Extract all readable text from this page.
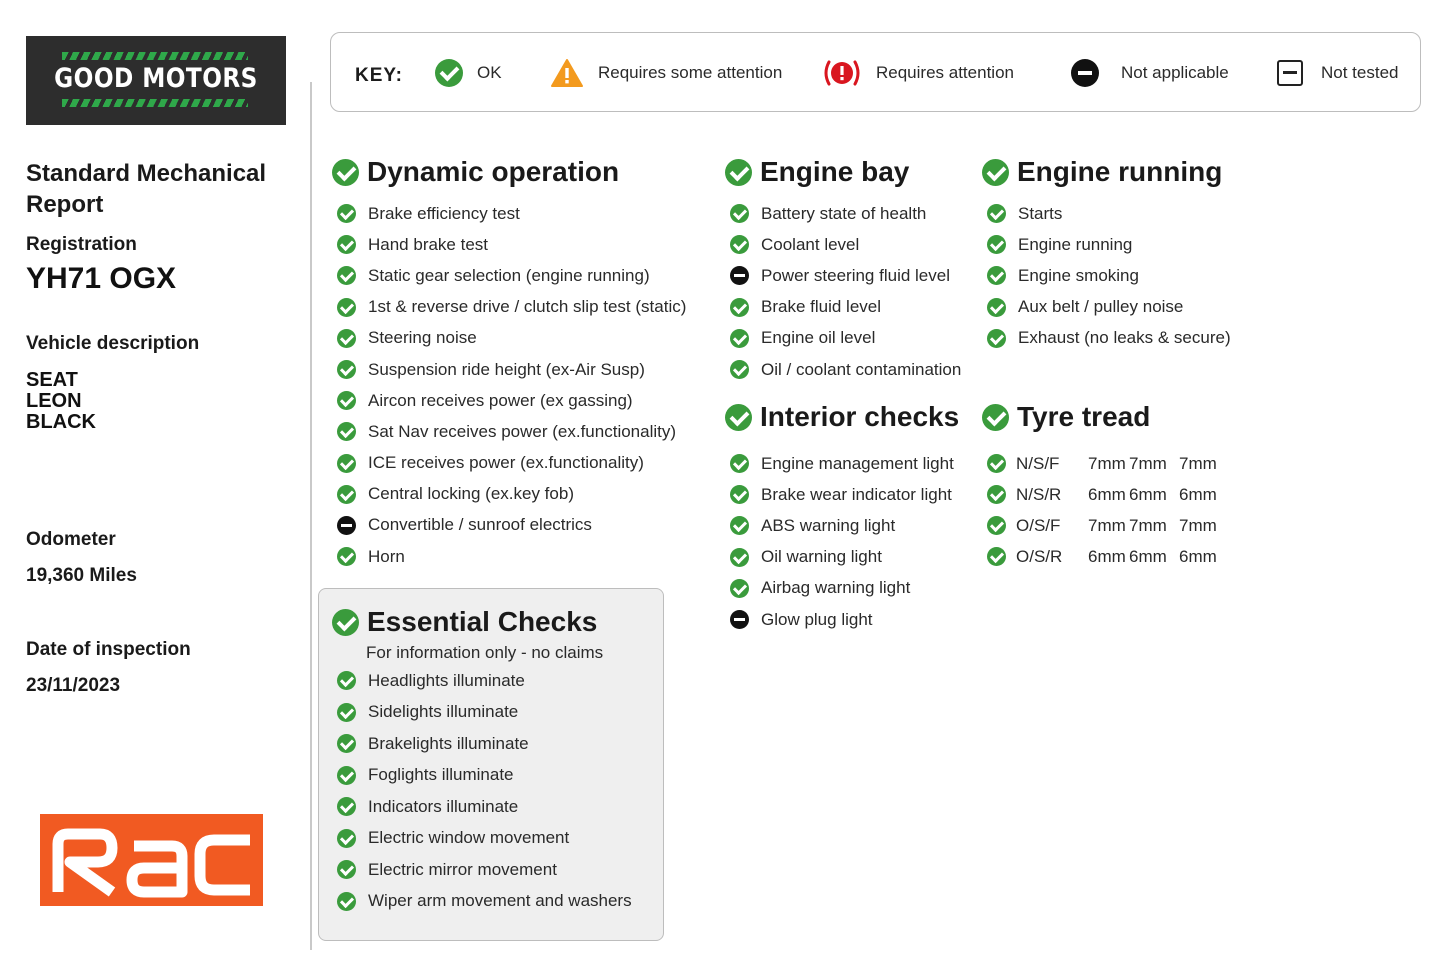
GOOD MOTORS
Standard Mechanical Report
Registration
YH71 OGX
Vehicle description
SEAT
LEON
BLACK
Odometer
19,360 Miles
Date of inspection
23/11/2023
KEY:	OK	Requires some attention	Requires attention	Not applicable	Not tested
Dynamic operation
Brake efficiency test
Hand brake test
Static gear selection (engine running)
1st & reverse drive / clutch slip test (static)
Steering noise
Suspension ride height (ex-Air Susp)
Aircon receives power (ex gassing)
Sat Nav receives power (ex.functionality)
ICE receives power (ex.functionality)
Central locking (ex.key fob)
Convertible / sunroof electrics
Horn
Essential Checks
For information only - no claims
Headlights illuminate
Sidelights illuminate
Brakelights illuminate
Foglights illuminate
Indicators illuminate
Electric window movement
Electric mirror movement
Wiper arm movement and washers
Engine bay
Battery state of health
Coolant level
Power steering fluid level
Brake fluid level
Engine oil level
Oil / coolant contamination
Interior checks
Engine management light
Brake wear indicator light
ABS warning light
Oil warning light
Airbag warning light
Glow plug light
Engine running
Starts
Engine running
Engine smoking
Aux belt / pulley noise
Exhaust (no leaks & secure)
Tyre tread
N/S/F	7mm 7mm 7mm
N/S/R	6mm 6mm 6mm
O/S/F	7mm 7mm 7mm
O/S/R	6mm 6mm 6mm
